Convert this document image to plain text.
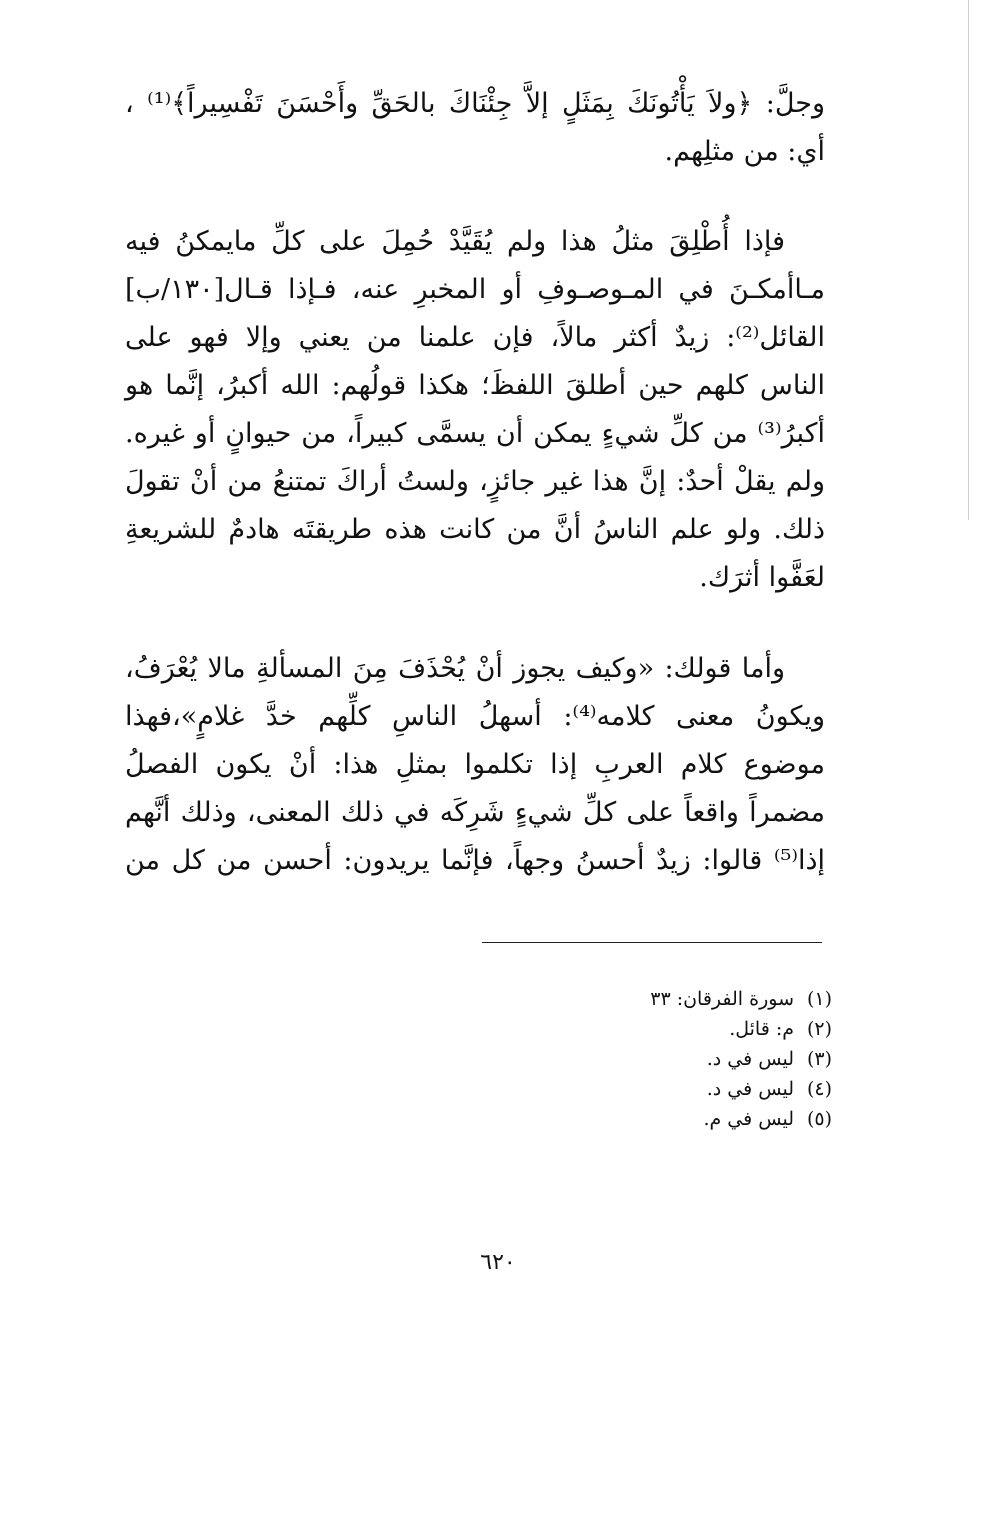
وجلَّ: ﴿ولاَ يَأْتُونَكَ بِمَثَلٍ إلاَّ جِئْنَاكَ بالحَقِّ وأَحْسَنَ تَفْسِيراً﴾⁽¹⁾ ،
أي: من مثلِهم.
فإذا أُطْلِقَ مثلُ هذا ولم يُقَيَّدْ حُمِلَ على كلِّ مايمكنُ فيه
مـاأمكـنَ في المـوصـوفِ أو المخبرِ عنه، فـإذا قـال[١٣٠/ب]
القائل⁽²⁾: زيدٌ أكثر مالاً، فإن علمنا من يعني وإلا فهو على
الناس كلهم حين أطلقَ اللفظَ؛ هكذا قولُهم: الله أكبرُ، إنَّما هو
أكبرُ⁽³⁾ من كلِّ شيءٍ يمكن أن يسمَّى كبيراً، من حيوانٍ أو غيره.
ولم يقلْ أحدٌ: إنَّ هذا غير جائزٍ، ولستُ أراكَ تمتنعُ من أنْ تقولَ
ذلك. ولو علم الناسُ أنَّ من كانت هذه طريقتَه هادمٌ للشريعةِ
لعَفَّوا أثرَك.
وأما قولك: «وكيف يجوز أنْ يُحْذَفَ مِنَ المسألةِ مالا يُعْرَفُ،
ويكونُ معنى كلامه⁽⁴⁾: أسهلُ الناسِ كلِّهم خدَّ غلامٍ»،فهذا
موضوع كلام العربِ إذا تكلموا بمثلِ هذا: أنْ يكون الفصلُ
مضمراً واقعاً على كلِّ شيءٍ شَرِكَه في ذلك المعنى، وذلك أنَّهم
إذا⁽⁵⁾ قالوا: زيدٌ أحسنُ وجهاً، فإنَّما يريدون: أحسن من كل من
(١)سورة الفرقان: ٣٣
(٢)م: قائل.
(٣)ليس في د.
(٤)ليس في د.
(٥)ليس في م.
٦٢٠
